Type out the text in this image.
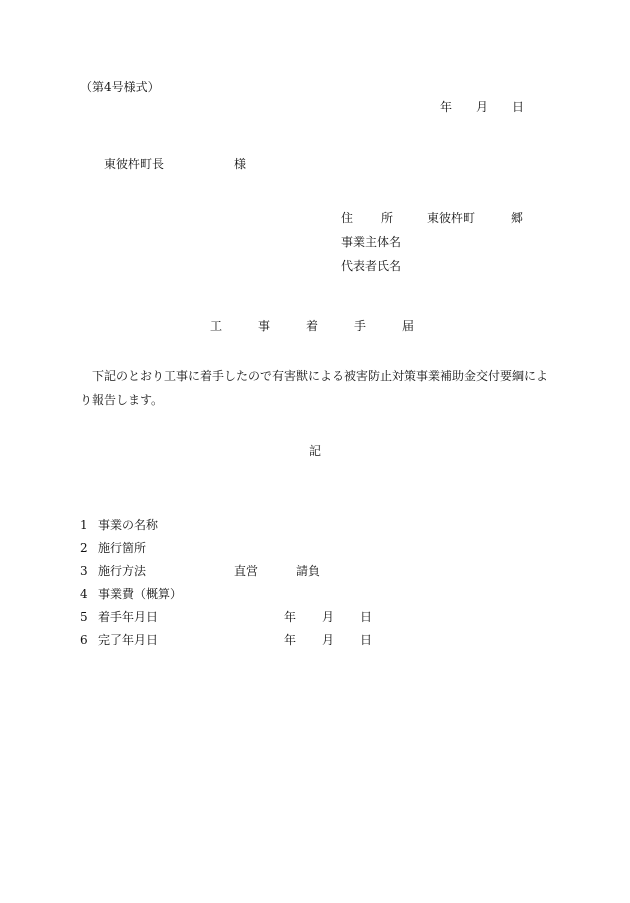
（第4号様式）
年 月 日
東彼杵町長	様
住所 東彼杵町	郷
事業主体名
代表者氏名
工	事	着	手	届
下記のとおり工事に着手したので有害獣による被害防止対策事業補助金交付要綱により報告します。
記
1 事業の名称
2 施行箇所
3 施行方法	直営	請負
4 事業費（概算）
5 着手年月日	年 月 日
6 完了年月日	年 月 日
